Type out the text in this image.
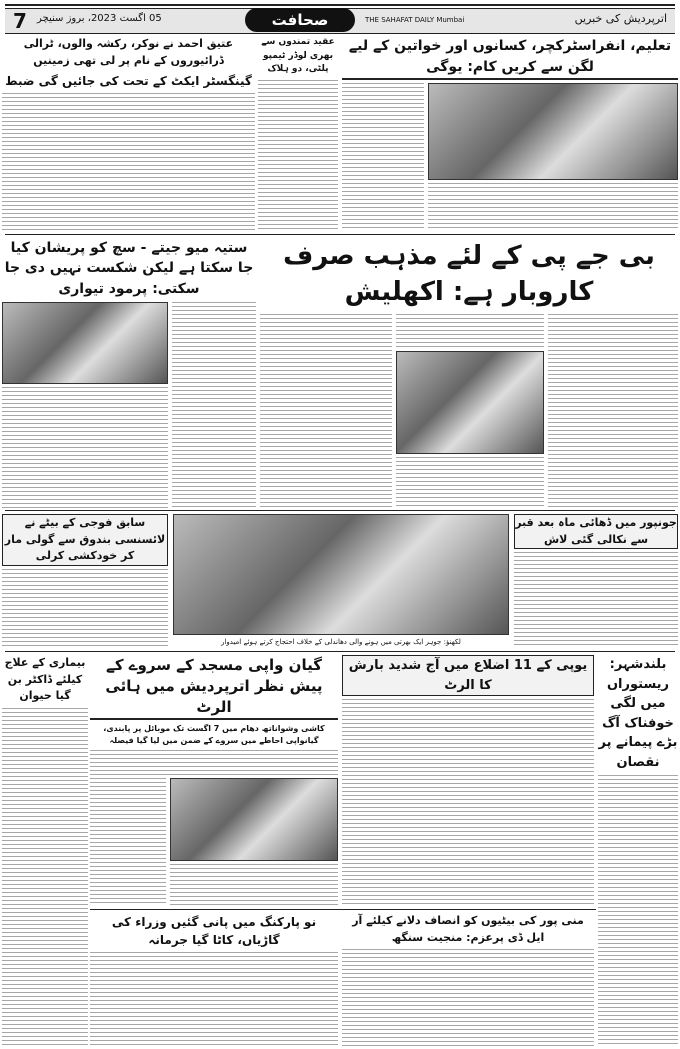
7 05 اگست 2023، بروز سنیچر	صحافت	THE SAHAFAT DAILY Mumbai	اترپردیش کی خبریں
تعلیم، انفراسٹرکچر، کسانوں اور خواتین کے لیے لگن سے کریں کام: یوگی
عقید تمندوں سے بھری لوڈر ٹیمپو پلٹی، دو ہلاک
عتیق احمد نے نوکر، رکشہ والوں، ٹرالی ڈرائیوروں کے نام پر لی تھی زمینیں
گینگسٹر ایکٹ کے تحت کی جائیں گی ضبط
بی جے پی کے لئے مذہب صرف کاروبار ہے: اکھلیش
ستیہ میو جیتے - سچ کو پریشان کیا جا سکتا ہے لیکن شکست نہیں دی جا سکتی: پرمود تیواری
سابق فوجی کے بیٹے نے لائسنسی بندوق سے گولی مار کر خودکشی کرلی
لکھنؤ: جوہر ایک بھرتی میں ہونے والی دھاندلی کے خلاف احتجاج کرتے ہوئے امیدوار
جونپور میں ڈھائی ماہ بعد قبر سے نکالی گئی لاش
بلندشہر: ریستوراں میں لگی خوفناک آگ بڑے پیمانے پر نقصان
یوپی کے 11 اضلاع میں آج شدید بارش کا الرٹ
گیان واپی مسجد کے سروے کے پیش نظر اترپردیش میں ہائی الرٹ
کاشی وشواناتھ دھام میں 7 اگست تک موبائل پر پابندی، گیانواپی احاطے میں سروے کے ضمن میں لیا گیا فیصلہ
بیماری کے علاج کیلئے ڈاکٹر بن گیا حیوان
منی پور کی بیٹیوں کو انصاف دلانے کیلئے آر ایل ڈی پرعزم: منجیت سنگھ
نو پارکنگ میں پانی گئیں وزراء کی گاڑیاں، کاٹا گیا جرمانہ
